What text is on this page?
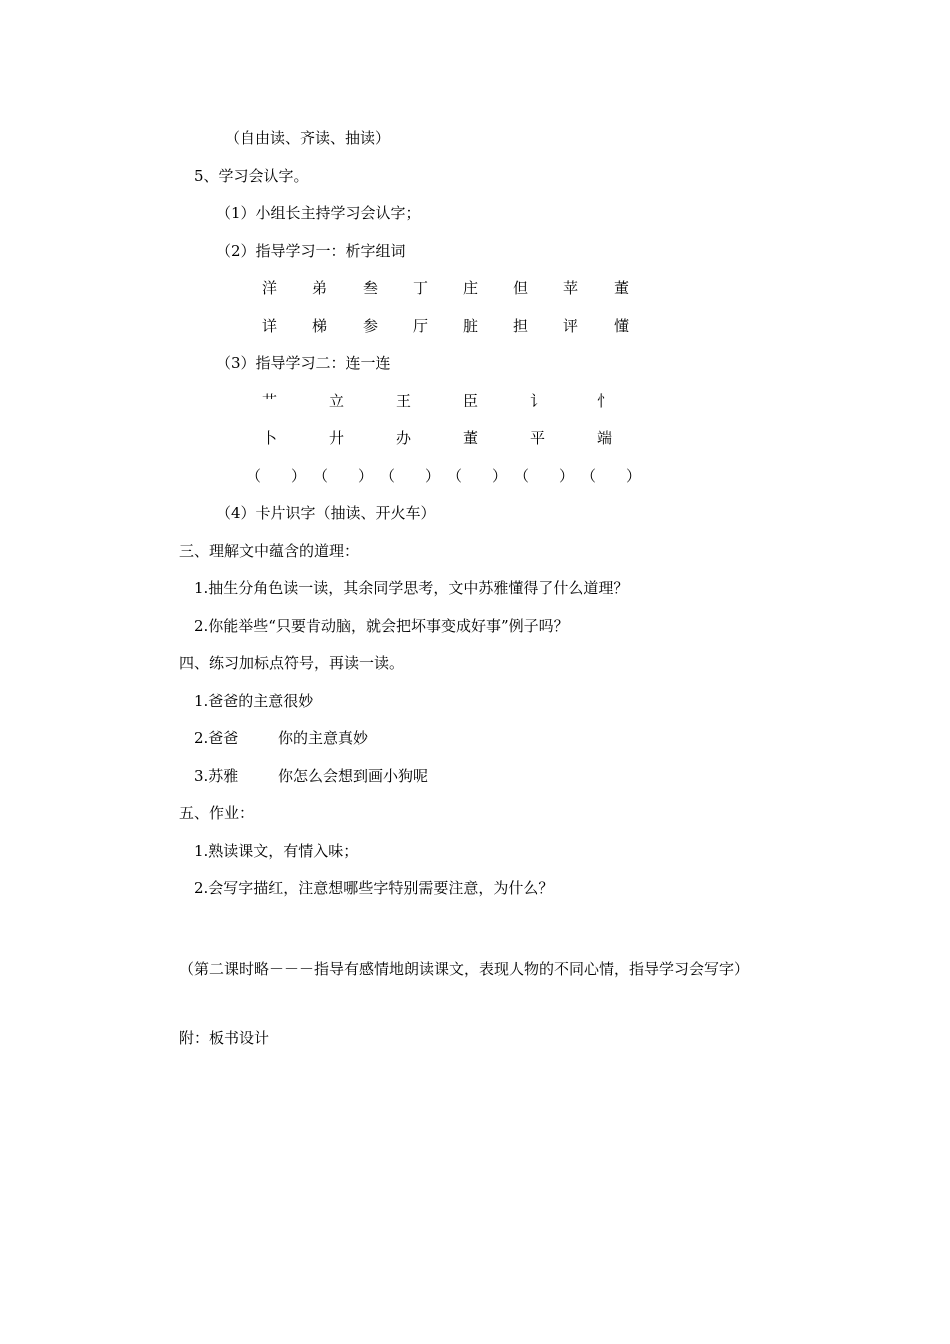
（自由读、齐读、抽读）
5、学习会认字。
（1）小组长主持学习会认字；
（2）指导学习一：析字组词
洋 弟 叁 丁 庄 但 苹 董
详 梯 参 厅 脏 担 评 懂
（3）指导学习二：连一连
艹	立	王	臣	讠	忄
卜	廾	办	董	平	端
（　　） （　　） （　　） （　　） （　　） （　　）
（4）卡片识字（抽读、开火车）
三、理解文中蕴含的道理：
1.抽生分角色读一读，其余同学思考，文中苏雅懂得了什么道理？
2.你能举些“只要肯动脑，就会把坏事变成好事”例子吗？
四、练习加标点符号，再读一读。
1.爸爸的主意很妙
2.爸爸	你的主意真妙
3.苏雅	你怎么会想到画小狗呢
五、作业：
1.熟读课文，有情入味；
2.会写字描红，注意想哪些字特别需要注意，为什么？
（第二课时略－－－指导有感情地朗读课文，表现人物的不同心情，指导学习会写字）
附：板书设计
